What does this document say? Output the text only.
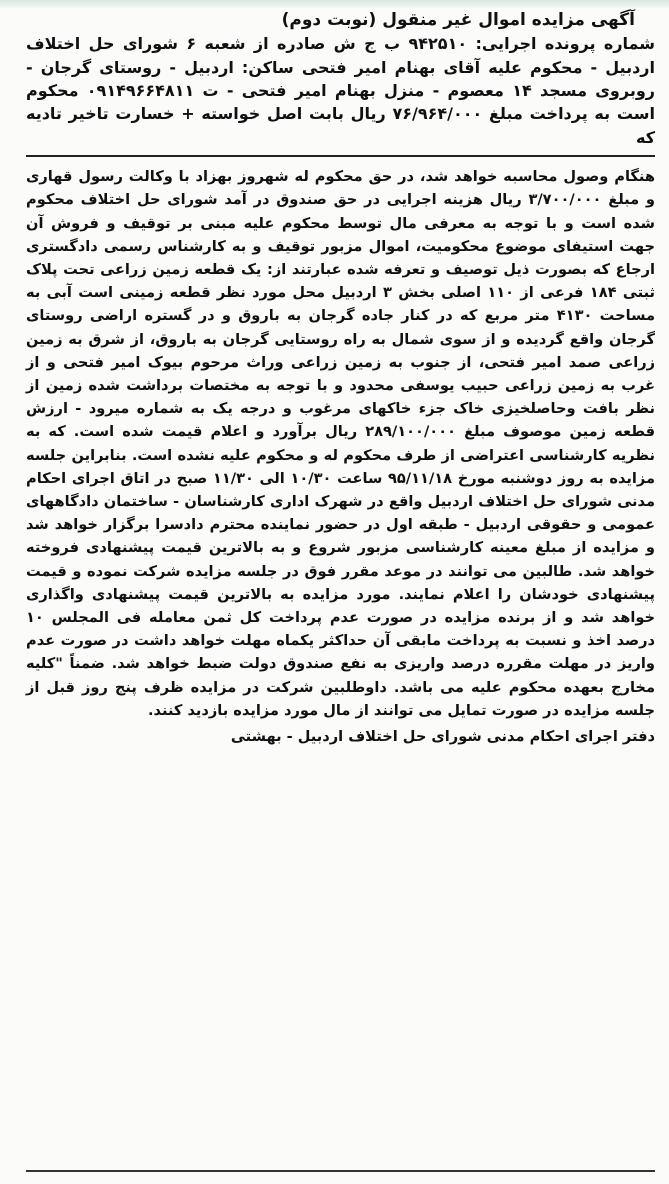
آگهی مزایده اموال غیر منقول (نوبت دوم)

شماره پرونده اجرایی: ۹۴۲۵۱۰ ب ج ش صادره از شعبه ۶ شورای حل اختلاف اردبیل - محکوم علیه آقای بهنام امیر فتحی ساکن: اردبیل - روستای گرجان - روبروی مسجد ۱۴ معصوم - منزل بهنام امیر فتحی - ت ۰۹۱۴۹۶۶۴۸۱۱ محکوم است به پرداخت مبلغ ۷۶/۹۶۴/۰۰۰ ریال بابت اصل خواسته + خسارت تاخیر تادیه که

هنگام وصول محاسبه خواهد شد، در حق محکوم له شهروز بهزاد با وکالت رسول قهاری و مبلغ ۳/۷۰۰/۰۰۰ ریال هزینه اجرایی در حق صندوق در آمد شورای حل اختلاف محکوم شده است و با توجه به معرفی مال توسط محکوم علیه مبنی بر توقیف و فروش آن جهت استیفای موضوع محکومیت، اموال مزبور توقیف و به کارشناس رسمی دادگستری ارجاع که بصورت ذیل توصیف و تعرفه شده عبارتند از: یک قطعه زمین زراعی تحت پلاک ثبتی ۱۸۴ فرعی از ۱۱۰ اصلی بخش ۳ اردبیل محل مورد نظر قطعه زمینی است آبی به مساحت ۴۱۳۰ متر مربع که در کنار جاده گرجان به باروق و در گستره اراضی روستای گرجان واقع گردیده و از سوی شمال به راه روستایی گرجان به باروق، از شرق به زمین زراعی صمد امیر فتحی، از جنوب به زمین زراعی وراث مرحوم بیوک امیر فتحی و از غرب به زمین زراعی حبیب یوسفی محدود و با توجه به مختصات برداشت شده زمین از نظر بافت وحاصلخیزی خاک جزء خاکهای مرغوب و درجه یک به شماره میرود - ارزش قطعه زمین موصوف مبلغ ۲۸۹/۱۰۰/۰۰۰ ریال برآورد و اعلام قیمت شده است. که به نظریه کارشناسی اعتراضی از طرف محکوم له و محکوم علیه نشده است. بنابراین جلسه مزایده به روز دوشنبه مورخ ۹۵/۱۱/۱۸ ساعت ۱۰/۳۰ الی ۱۱/۳۰ صبح در اتاق اجرای احکام مدنی شورای حل اختلاف اردبیل واقع در شهرک اداری کارشناسان - ساختمان دادگاههای عمومی و حقوقی اردبیل - طبقه اول در حضور نماینده محترم دادسرا برگزار خواهد شد و مزایده از مبلغ معینه کارشناسی مزبور شروع و به بالاترین قیمت پیشنهادی فروخته خواهد شد. طالبین می توانند در موعد مقرر فوق در جلسه مزایده شرکت نموده و قیمت پیشنهادی خودشان را اعلام نمایند. مورد مزایده به بالاترین قیمت پیشنهادی واگذاری خواهد شد و از برنده مزایده در صورت عدم پرداخت کل ثمن معامله فی المجلس ۱۰ درصد اخذ و نسبت به پرداخت مابقی آن حداکثر یکماه مهلت خواهد داشت در صورت عدم واریز در مهلت مقرره درصد واریزی به نفع صندوق دولت ضبط خواهد شد. ضمناً "کلیه مخارج بعهده محکوم علیه می باشد. داوطلبین شرکت در مزایده ظرف پنج روز قبل از جلسه مزایده در صورت تمایل می توانند از مال مورد مزایده بازدید کنند.

دفتر اجرای احکام مدنی شورای حل اختلاف اردبیل - بهشتی
